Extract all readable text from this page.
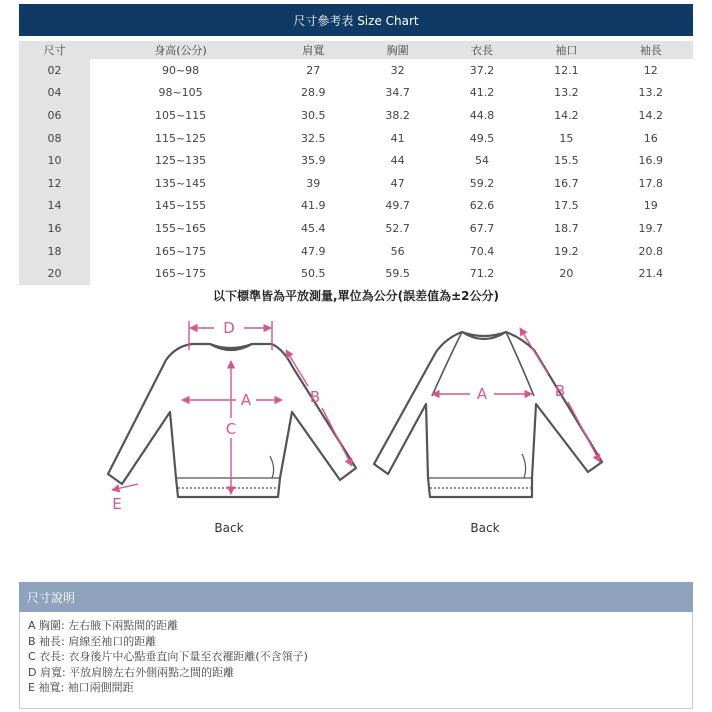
尺寸參考表 Size Chart
尺寸	身高(公分)	肩寬	胸圍	衣長	袖口	袖長
02	90~98	27	32	37.2	12.1	12
04	98~105	28.9	34.7	41.2	13.2	13.2
06	105~115	30.5	38.2	44.8	14.2	14.2
08	115~125	32.5	41	49.5	15	16
10	125~135	35.9	44	54	15.5	16.9
12	135~145	39	47	59.2	16.7	17.8
14	145~155	41.9	49.7	62.6	17.5	19
16	155~165	45.4	52.7	67.7	18.7	19.7
18	165~175	47.9	56	70.4	19.2	20.8
20	165~175	50.5	59.5	71.2	20	21.4
以下標準皆為平放測量,單位為公分(誤差值為±2公分)
D
A
C
B
E
Back
A	B
Back
尺寸說明
A 胸圍: 左右腋下兩點間的距離
B 袖長: 肩線至袖口的距離
C 衣長: 衣身後片中心點垂直向下量至衣襬距離(不含領子)
D 肩寬: 平放肩膀左右外側兩點之間的距離
E 袖寬: 袖口兩側間距
